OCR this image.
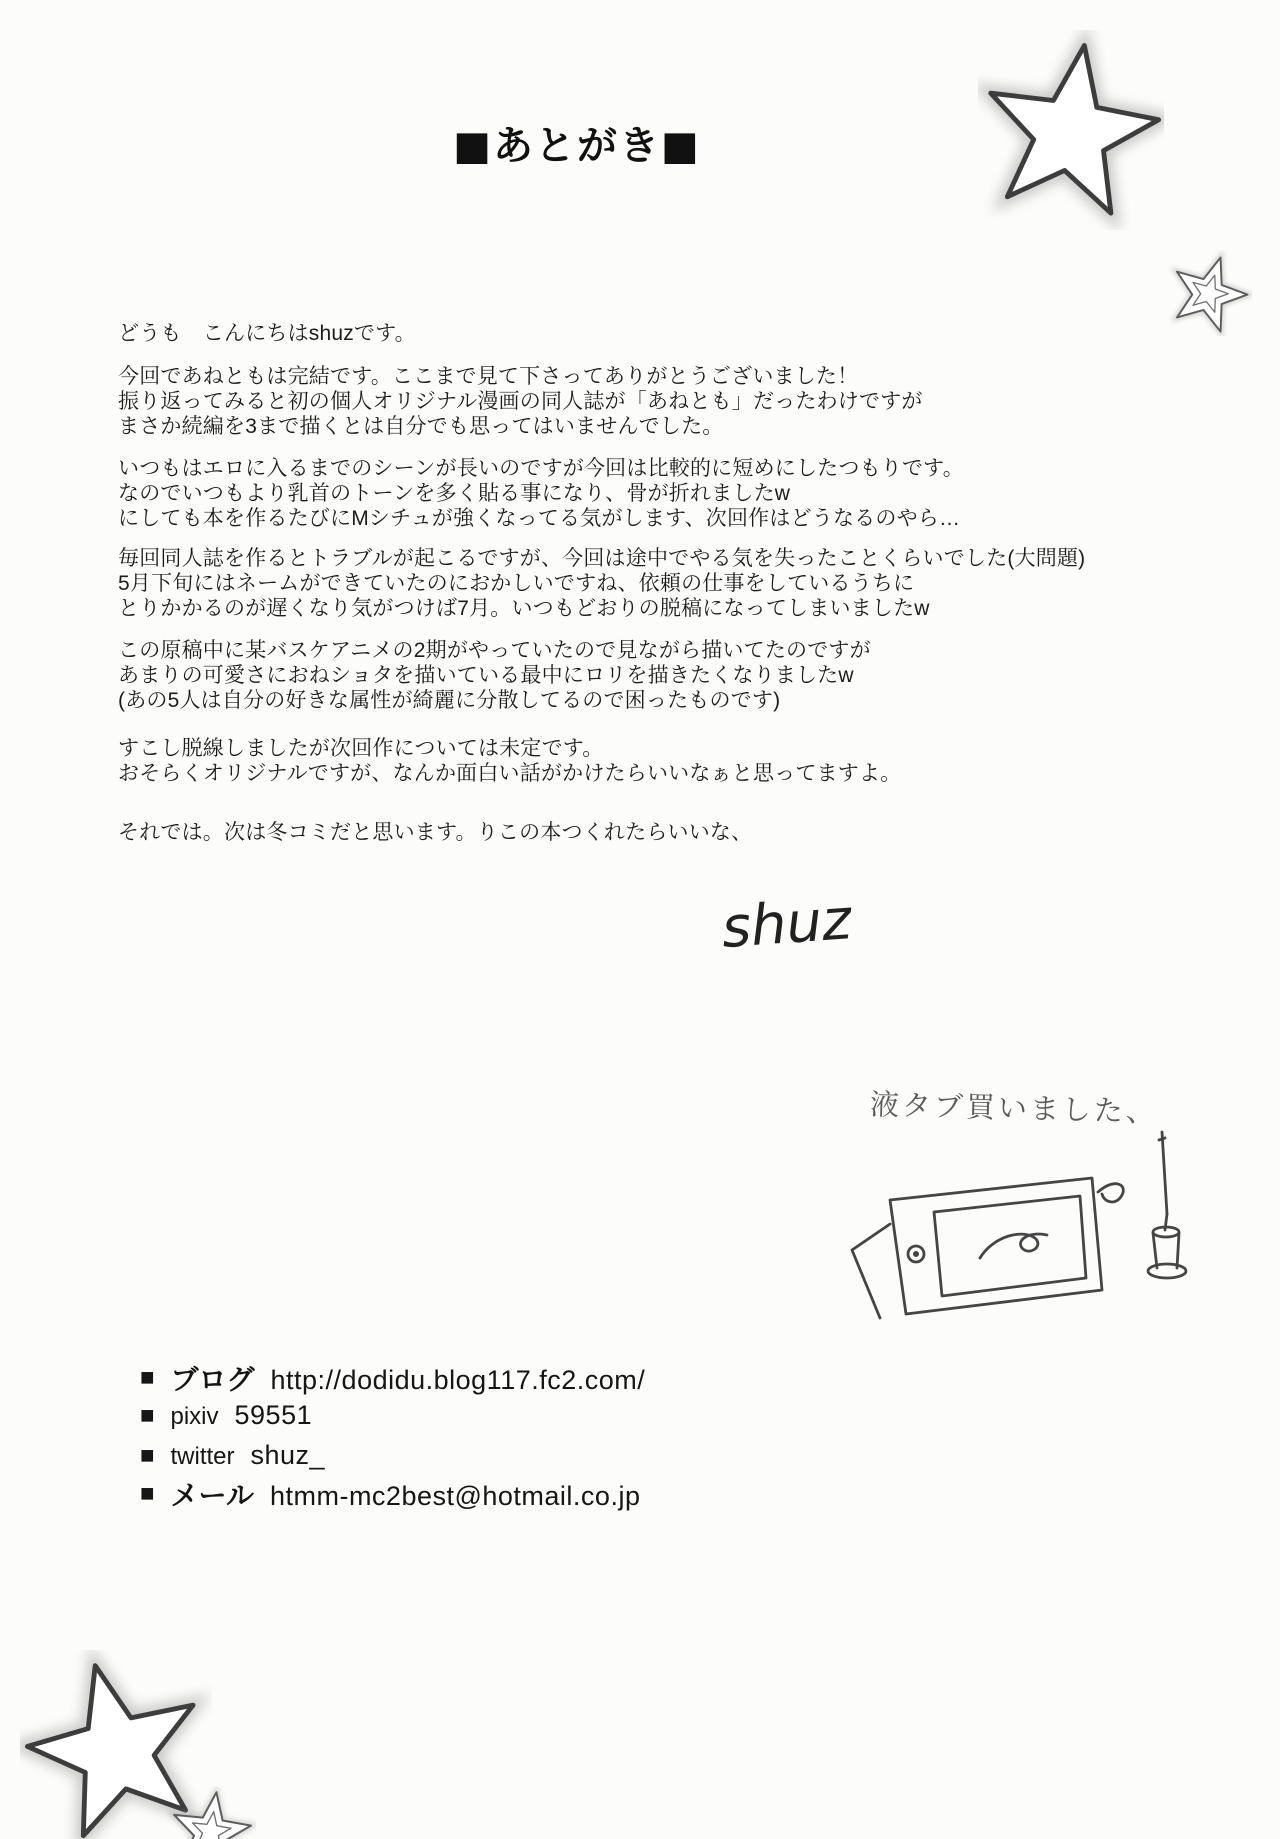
■あとがき■
どうも　こんにちはshuzです。
今回であねともは完結です。ここまで見て下さってありがとうございました！
振り返ってみると初の個人オリジナル漫画の同人誌が「あねとも」だったわけですが
まさか続編を3まで描くとは自分でも思ってはいませんでした。
いつもはエロに入るまでのシーンが長いのですが今回は比較的に短めにしたつもりです。
なのでいつもより乳首のトーンを多く貼る事になり、骨が折れましたw
にしても本を作るたびにMシチュが強くなってる気がします、次回作はどうなるのやら…
毎回同人誌を作るとトラブルが起こるですが、今回は途中でやる気を失ったことくらいでした(大問題)
5月下旬にはネームができていたのにおかしいですね、依頼の仕事をしているうちに
とりかかるのが遅くなり気がつけば7月。いつもどおりの脱稿になってしまいましたw
この原稿中に某バスケアニメの2期がやっていたので見ながら描いてたのですが
あまりの可愛さにおねショタを描いている最中にロリを描きたくなりましたw
(あの5人は自分の好きな属性が綺麗に分散してるので困ったものです)
すこし脱線しましたが次回作については未定です。
おそらくオリジナルですが、なんか面白い話がかけたらいいなぁと思ってますよ。
それでは。次は冬コミだと思います。りこの本つくれたらいいな、
shuz
液タブ買いました、
■ ブログ http://dodidu.blog117.fc2.com/
■ pixiv 59551
■ twitter shuz_
■ メール htmm-mc2best@hotmail.co.jp
